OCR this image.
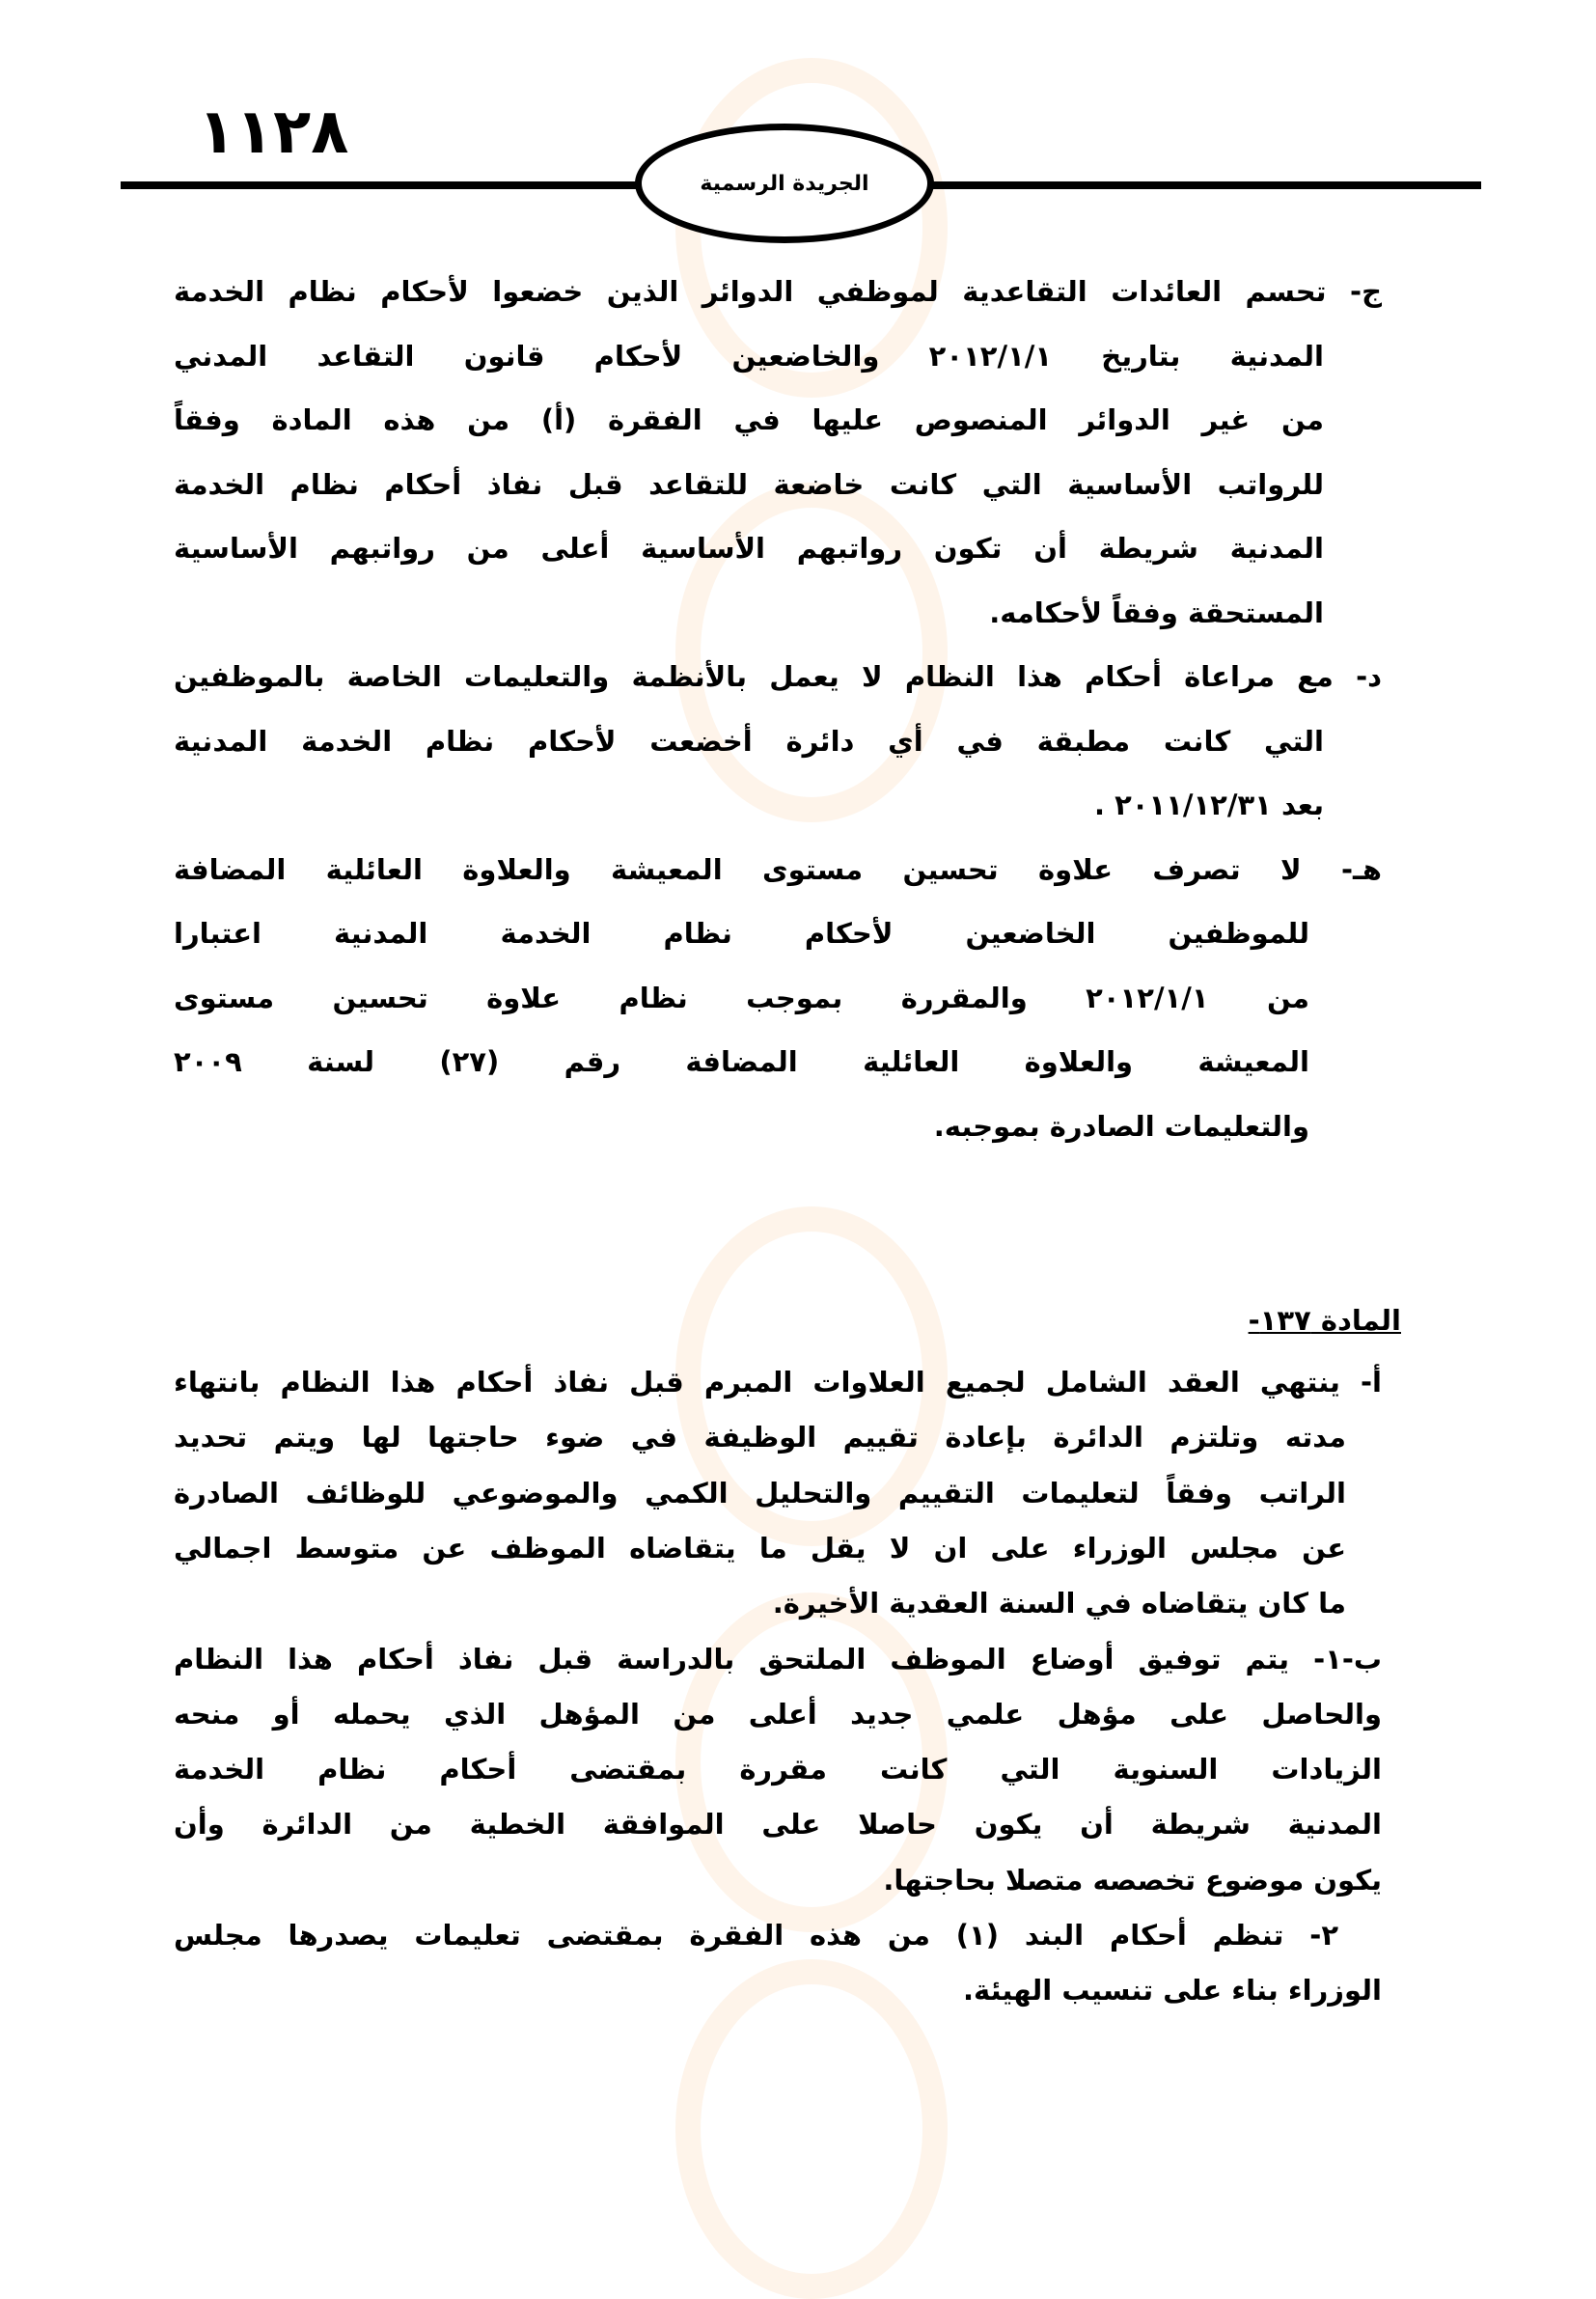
١١٢٨
الجريدة الرسمية
المادة ١٣٧-
ج- تحسم العائدات التقاعدية لموظفي الدوائر الذين خضعوا لأحكام نظام الخدمة
المدنية بتاريخ ٢٠١٢/١/١ والخاضعين لأحكام قانون التقاعد المدني
من غير الدوائر المنصوص عليها في الفقرة (أ) من هذه المادة وفقاً
للرواتب الأساسية التي كانت خاضعة للتقاعد قبل نفاذ أحكام نظام الخدمة
المدنية شريطة أن تكون رواتبهم الأساسية أعلى من رواتبهم الأساسية
المستحقة وفقاً لأحكامه.
د- مع مراعاة أحكام هذا النظام لا يعمل بالأنظمة والتعليمات الخاصة بالموظفين
التي كانت مطبقة في أي دائرة أخضعت لأحكام نظام الخدمة المدنية
بعد ٢٠١١/١٢/٣١ .
هـ- لا تصرف علاوة تحسين مستوى المعيشة والعلاوة العائلية المضافة
للموظفين الخاضعين لأحكام نظام الخدمة المدنية اعتبارا
من ٢٠١٢/١/١ والمقررة بموجب نظام علاوة تحسين مستوى
المعيشة والعلاوة العائلية المضافة رقم (٢٧) لسنة ٢٠٠٩
والتعليمات الصادرة بموجبه.
أ- ينتهي العقد الشامل لجميع العلاوات المبرم قبل نفاذ أحكام هذا النظام بانتهاء
مدته وتلتزم الدائرة بإعادة تقييم الوظيفة في ضوء حاجتها لها ويتم تحديد
الراتب وفقاً لتعليمات التقييم والتحليل الكمي والموضوعي للوظائف الصادرة
عن مجلس الوزراء على ان لا يقل ما يتقاضاه الموظف عن متوسط اجمالي
ما كان يتقاضاه في السنة العقدية الأخيرة.
ب-١- يتم توفيق أوضاع الموظف الملتحق بالدراسة قبل نفاذ أحكام هذا النظام
والحاصل على مؤهل علمي جديد أعلى من المؤهل الذي يحمله أو منحه
الزيادات السنوية التي كانت مقررة بمقتضى أحكام نظام الخدمة
المدنية شريطة أن يكون حاصلا على الموافقة الخطية من الدائرة وأن
يكون موضوع تخصصه متصلا بحاجتها.
٢- تنظم أحكام البند (١) من هذه الفقرة بمقتضى تعليمات يصدرها مجلس
الوزراء بناء على تنسيب الهيئة.
